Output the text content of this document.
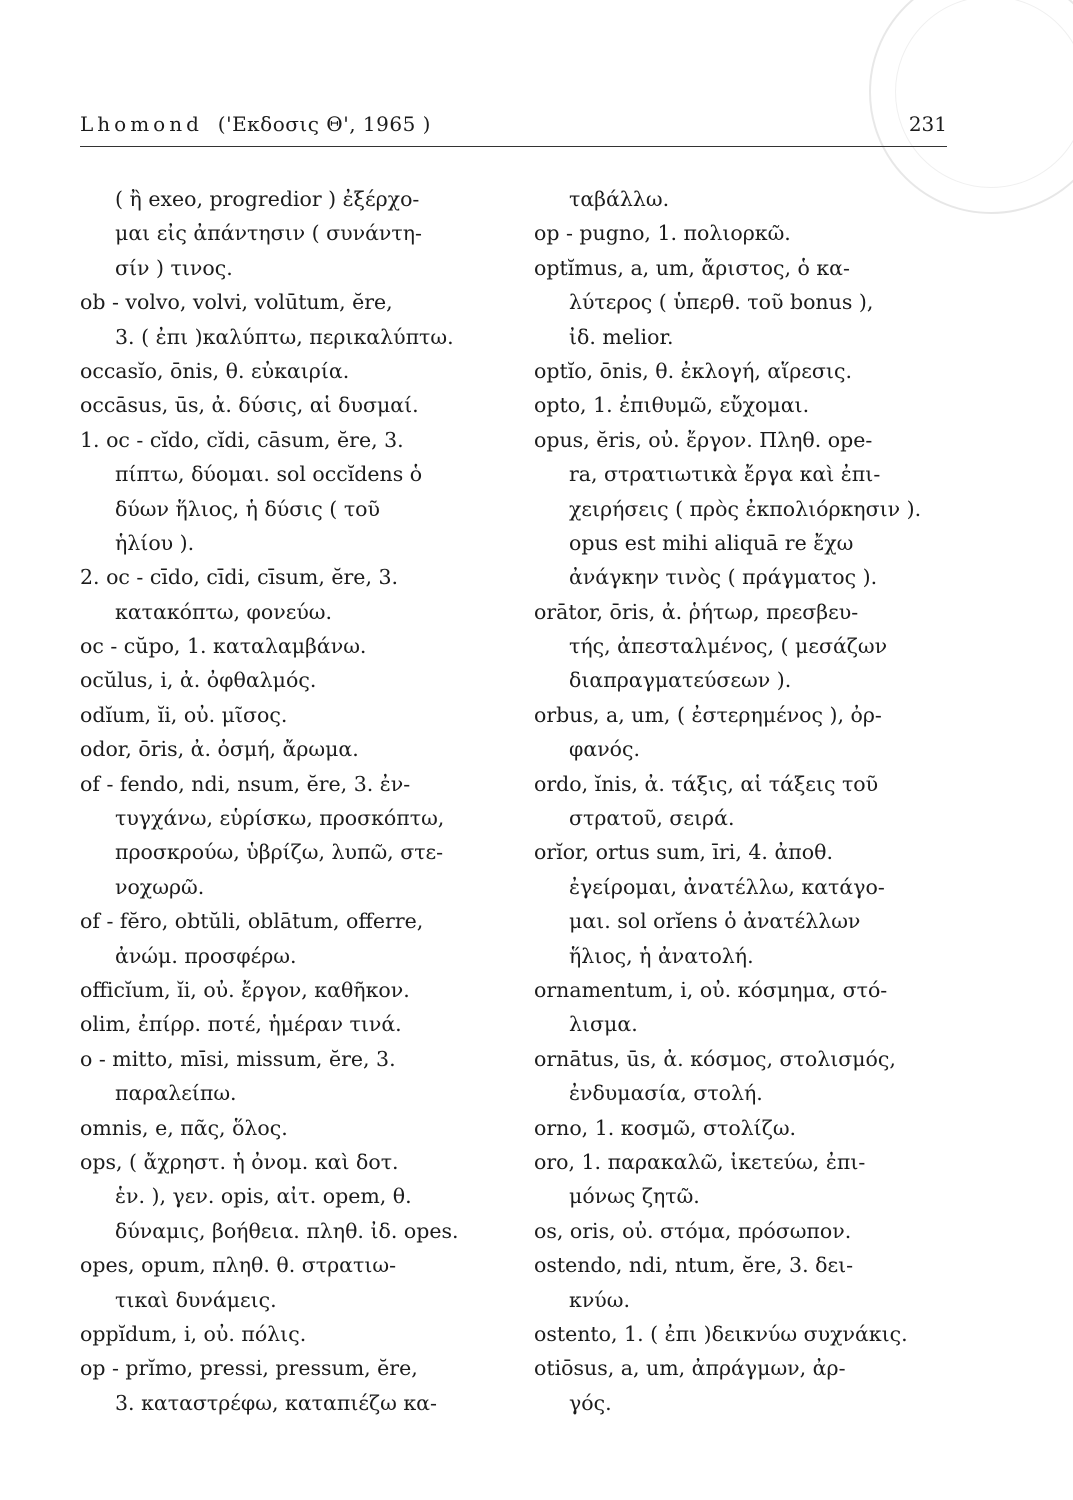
Lhomond ('Εκδοσις Θ', 1965 )	231
( ἢ exeo, progredior ) ἐξέρχο-
μαι εἰς ἀπάντησιν ( συνάντη-
σίν ) τινος.
ob - volvo, volvi, volūtum, ĕre,
3. ( ἐπι )καλύπτω, περικαλύπτω.
occasĭo, ōnis, θ. εὐκαιρία.
occāsus, ūs, ἀ. δύσις, αἱ δυσμαί.
1. oc - cĭdo, cĭdi, cāsum, ĕre, 3.
πίπτω, δύομαι. sol occĭdens ὁ
δύων ἥλιος, ἡ δύσις ( τοῦ
ἡλίου ).
2. oc - cīdo, cīdi, cīsum, ĕre, 3.
κατακόπτω, φονεύω.
oc - cŭpo, 1. καταλαμβάνω.
ocŭlus, i, ἀ. ὀφθαλμός.
odĭum, ĭi, οὐ. μῖσος.
odor, ōris, ἀ. ὀσμή, ἄρωμα.
of - fendo, ndi, nsum, ĕre, 3. ἐν-
τυγχάνω, εὑρίσκω, προσκόπτω,
προσκρούω, ὑβρίζω, λυπῶ, στε-
νοχωρῶ.
of - fĕro, obtŭli, oblātum, offerre,
ἀνώμ. προσφέρω.
officĭum, ĭi, οὐ. ἔργον, καθῆκον.
olim, ἐπίρρ. ποτέ, ἡμέραν τινά.
o - mitto, mīsi, missum, ĕre, 3.
παραλείπω.
omnis, e, πᾶς, ὅλος.
ops, ( ἄχρηστ. ἡ ὀνομ. καὶ δοτ.
ἑν. ), γεν. opis, αἰτ. opem, θ.
δύναμις, βοήθεια. πληθ. ἰδ. opes.
opes, opum, πληθ. θ. στρατιω-
τικαὶ δυνάμεις.
oppĭdum, i, οὐ. πόλις.
op - prĭmo, pressi, pressum, ĕre,
3. καταστρέφω, καταπιέζω κα-
ταβάλλω.
op - pugno, 1. πολιορκῶ.
optĭmus, a, um, ἄριστος, ὁ κα-
λύτερος ( ὑπερθ. τοῦ bonus ),
ἰδ. melior.
optĭo, ōnis, θ. ἐκλογή, αἵρεσις.
opto, 1. ἐπιθυμῶ, εὔχομαι.
opus, ĕris, οὐ. ἔργον. Πληθ. ope-
ra, στρατιωτικὰ ἔργα καὶ ἐπι-
χειρήσεις ( πρὸς ἐκπολιόρκησιν ).
opus est mihi aliquā re ἔχω
ἀνάγκην τινὸς ( πράγματος ).
orātor, ōris, ἀ. ῥήτωρ, πρεσβευ-
τής, ἀπεσταλμένος, ( μεσάζων
διαπραγματεύσεων ).
orbus, a, um, ( ἐστερημένος ), ὀρ-
φανός.
ordo, ĭnis, ἀ. τάξις, αἱ τάξεις τοῦ
στρατοῦ, σειρά.
orĭor, ortus sum, īri, 4. ἀποθ.
ἐγείρομαι, ἀνατέλλω, κατάγο-
μαι. sol orĭens ὁ ἀνατέλλων
ἥλιος, ἡ ἀνατολή.
ornamentum, i, οὐ. κόσμημα, στό-
λισμα.
ornātus, ūs, ἀ. κόσμος, στολισμός,
ἐνδυμασία, στολή.
orno, 1. κοσμῶ, στολίζω.
oro, 1. παρακαλῶ, ἱκετεύω, ἐπι-
μόνως ζητῶ.
os, oris, οὐ. στόμα, πρόσωπον.
ostendo, ndi, ntum, ĕre, 3. δει-
κνύω.
ostento, 1. ( ἐπι )δεικνύω συχνάκις.
otiōsus, a, um, ἀπράγμων, ἀρ-
γός.
